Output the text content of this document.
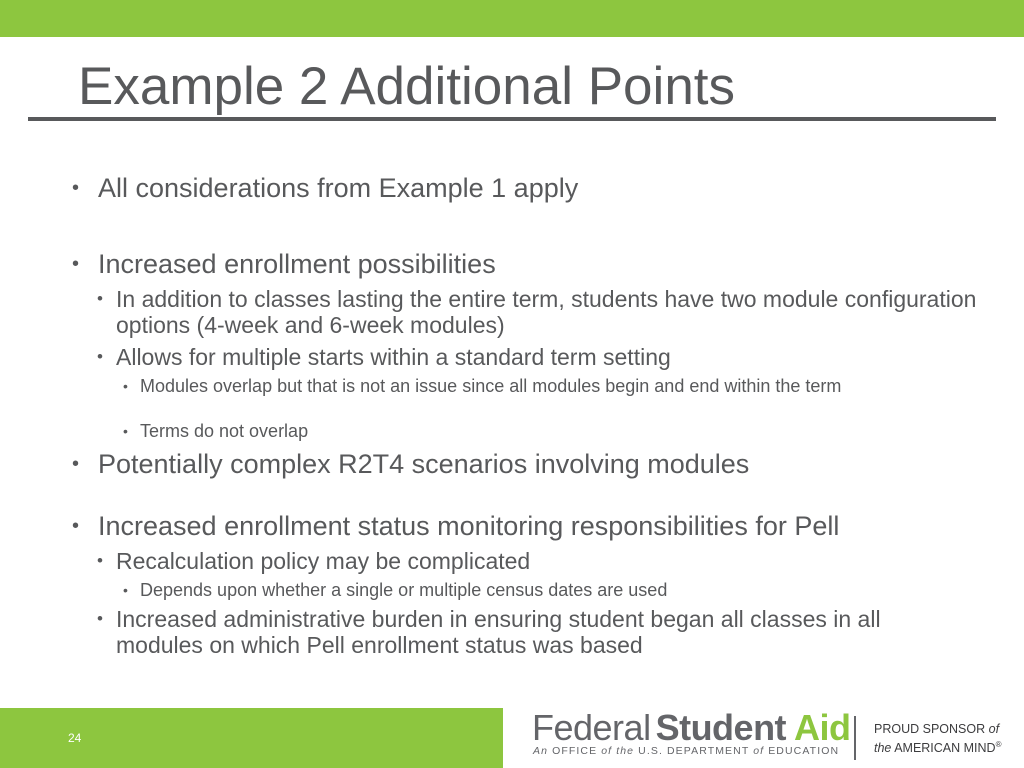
Example 2 Additional Points
• All considerations from Example 1 apply
• Increased enrollment possibilities
• In addition to classes lasting the entire term, students have two module configuration options (4-week and 6-week modules)
• Allows for multiple starts within a standard term setting
• Modules overlap but that is not an issue since all modules begin and end within the term
• Terms do not overlap
• Potentially complex R2T4 scenarios involving modules
• Increased enrollment status monitoring responsibilities for Pell
• Recalculation policy may be complicated
• Depends upon whether a single or multiple census dates are used
• Increased administrative burden in ensuring student began all classes in all modules on which Pell enrollment status was based
24	Federal Student Aid
An OFFICE of the U.S. DEPARTMENT of EDUCATION
PROUD SPONSOR of
the AMERICAN MIND®
